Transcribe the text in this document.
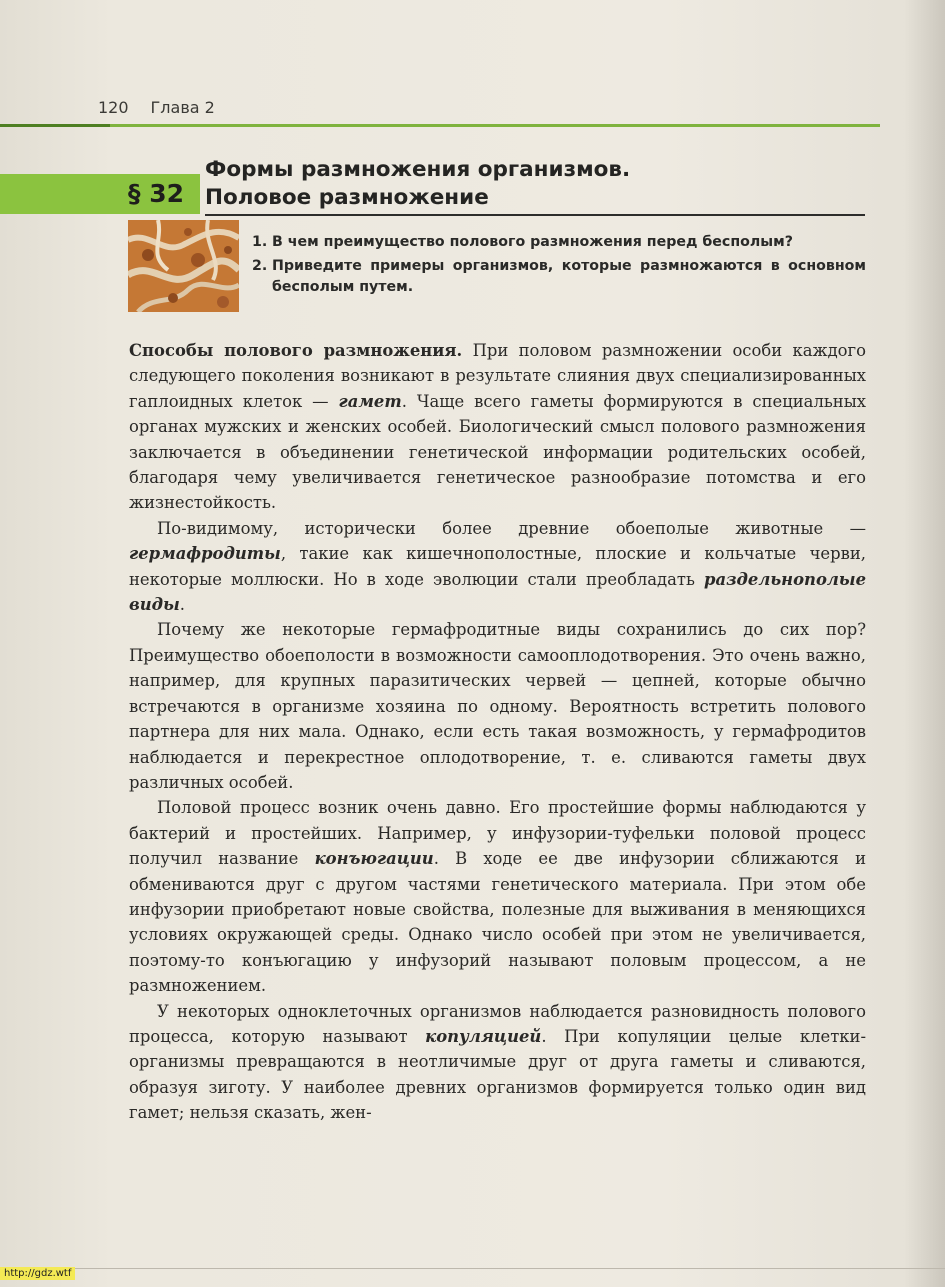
120 Глава 2
§ 32
Формы размножения организмов.
Половое размножение
1. В чем преимущество полового размножения перед бесполым?
2. Приведите примеры организмов, которые размножаются в основном бесполым путем.

Способы полового размножения. При половом размножении особи каждого следующего поколения возникают в результате слияния двух специализированных гаплоидных клеток — гамет. Чаще всего гаметы формируются в специальных органах мужских и женских особей. Биологический смысл полового размножения заключается в объединении генетической информации родительских особей, благодаря чему увеличивается генетическое разнообразие потомства и его жизнестойкость.

По-видимому, исторически более древние обоеполые животные — гермафродиты, такие как кишечнополостные, плоские и кольчатые черви, некоторые моллюски. Но в ходе эволюции стали преобладать раздельнополые виды.

Почему же некоторые гермафродитные виды сохранились до сих пор? Преимущество обоеполости в возможности самооплодотворения. Это очень важно, например, для крупных паразитических червей — цепней, которые обычно встречаются в организме хозяина по одному. Вероятность встретить полового партнера для них мала. Однако, если есть такая возможность, у гермафродитов наблюдается и перекрестное оплодотворение, т. е. сливаются гаметы двух различных особей.

Половой процесс возник очень давно. Его простейшие формы наблюдаются у бактерий и простейших. Например, у инфузории-туфельки половой процесс получил название конъюгации. В ходе ее две инфузории сближаются и обмениваются друг с другом частями генетического материала. При этом обе инфузории приобретают новые свойства, полезные для выживания в меняющихся условиях окружающей среды. Однако число особей при этом не увеличивается, поэтому-то конъюгацию у инфузорий называют половым процессом, а не размножением.

У некоторых одноклеточных организмов наблюдается разновидность полового процесса, которую называют копуляцией. При копуляции целые клетки-организмы превращаются в неотличимые друг от друга гаметы и сливаются, образуя зиготу. У наиболее древних организмов формируется только один вид гамет; нельзя сказать, жен-

http://gdz.wtf
